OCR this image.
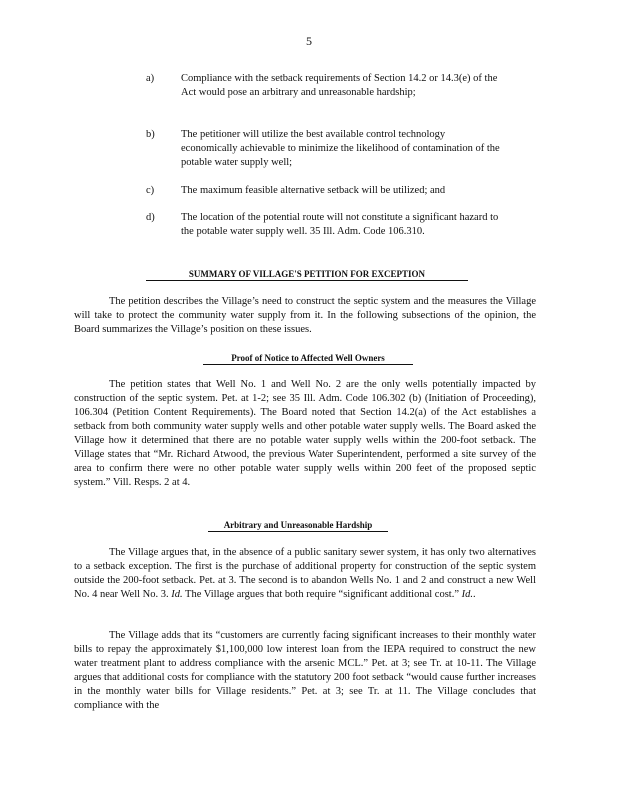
5
a)	Compliance with the setback requirements of Section 14.2 or 14.3(e) of the Act would pose an arbitrary and unreasonable hardship;
b)	The petitioner will utilize the best available control technology economically achievable to minimize the likelihood of contamination of the potable water supply well;
c)	The maximum feasible alternative setback will be utilized; and
d)	The location of the potential route will not constitute a significant hazard to the potable water supply well. 35 Ill. Adm. Code 106.310.
SUMMARY OF VILLAGE'S PETITION FOR EXCEPTION

The petition describes the Village’s need to construct the septic system and the measures the Village will take to protect the community water supply from it. In the following subsections of the opinion, the Board summarizes the Village’s position on these issues.

Proof of Notice to Affected Well Owners

The petition states that Well No. 1 and Well No. 2 are the only wells potentially impacted by construction of the septic system. Pet. at 1-2; see 35 Ill. Adm. Code 106.302 (b) (Initiation of Proceeding), 106.304 (Petition Content Requirements). The Board noted that Section 14.2(a) of the Act establishes a setback from both community water supply wells and other potable water supply wells. The Board asked the Village how it determined that there are no potable water supply wells within the 200-foot setback. The Village states that “Mr. Richard Atwood, the previous Water Superintendent, performed a site survey of the area to confirm there were no other potable water supply wells within 200 feet of the proposed septic system.” Vill. Resps. 2 at 4.

Arbitrary and Unreasonable Hardship

The Village argues that, in the absence of a public sanitary sewer system, it has only two alternatives to a setback exception. The first is the purchase of additional property for construction of the septic system outside the 200-foot setback. Pet. at 3. The second is to abandon Wells No. 1 and 2 and construct a new Well No. 4 near Well No. 3. Id. The Village argues that both require “significant additional cost.” Id..

The Village adds that its “customers are currently facing significant increases to their monthly water bills to repay the approximately $1,100,000 low interest loan from the IEPA required to construct the new water treatment plant to address compliance with the arsenic MCL.” Pet. at 3; see Tr. at 10-11. The Village argues that additional costs for compliance with the statutory 200 foot setback “would cause further increases in the monthly water bills for Village residents.” Pet. at 3; see Tr. at 11. The Village concludes that compliance with the
